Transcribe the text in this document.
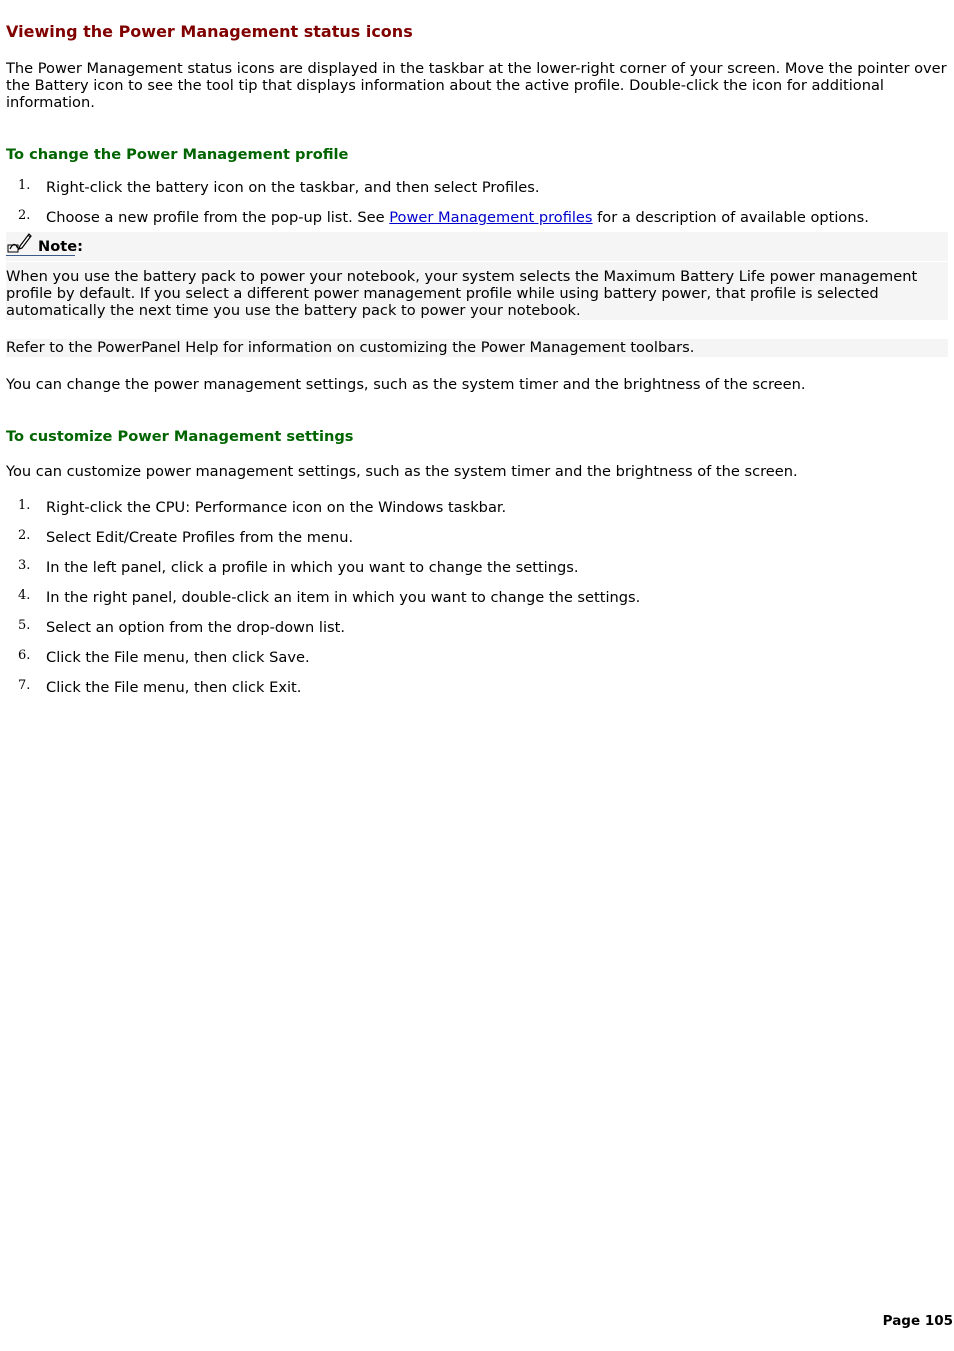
Viewing the Power Management status icons

The Power Management status icons are displayed in the taskbar at the lower-right corner of your screen. Move the pointer over the Battery icon to see the tool tip that displays information about the active profile. Double-click the icon for additional information.

To change the Power Management profile
1. Right-click the battery icon on the taskbar, and then select Profiles.
2. Choose a new profile from the pop-up list. See Power Management profiles for a description of available options.
Note:

When you use the battery pack to power your notebook, your system selects the Maximum Battery Life power management profile by default. If you select a different power management profile while using battery power, that profile is selected automatically the next time you use the battery pack to power your notebook.

Refer to the PowerPanel Help for information on customizing the Power Management toolbars.

You can change the power management settings, such as the system timer and the brightness of the screen.

To customize Power Management settings

You can customize power management settings, such as the system timer and the brightness of the screen.

1. Right-click the CPU: Performance icon on the Windows taskbar.
2. Select Edit/Create Profiles from the menu.
3. In the left panel, click a profile in which you want to change the settings.
4. In the right panel, double-click an item in which you want to change the settings.
5. Select an option from the drop-down list.
6. Click the File menu, then click Save.
7. Click the File menu, then click Exit.

Page 105
